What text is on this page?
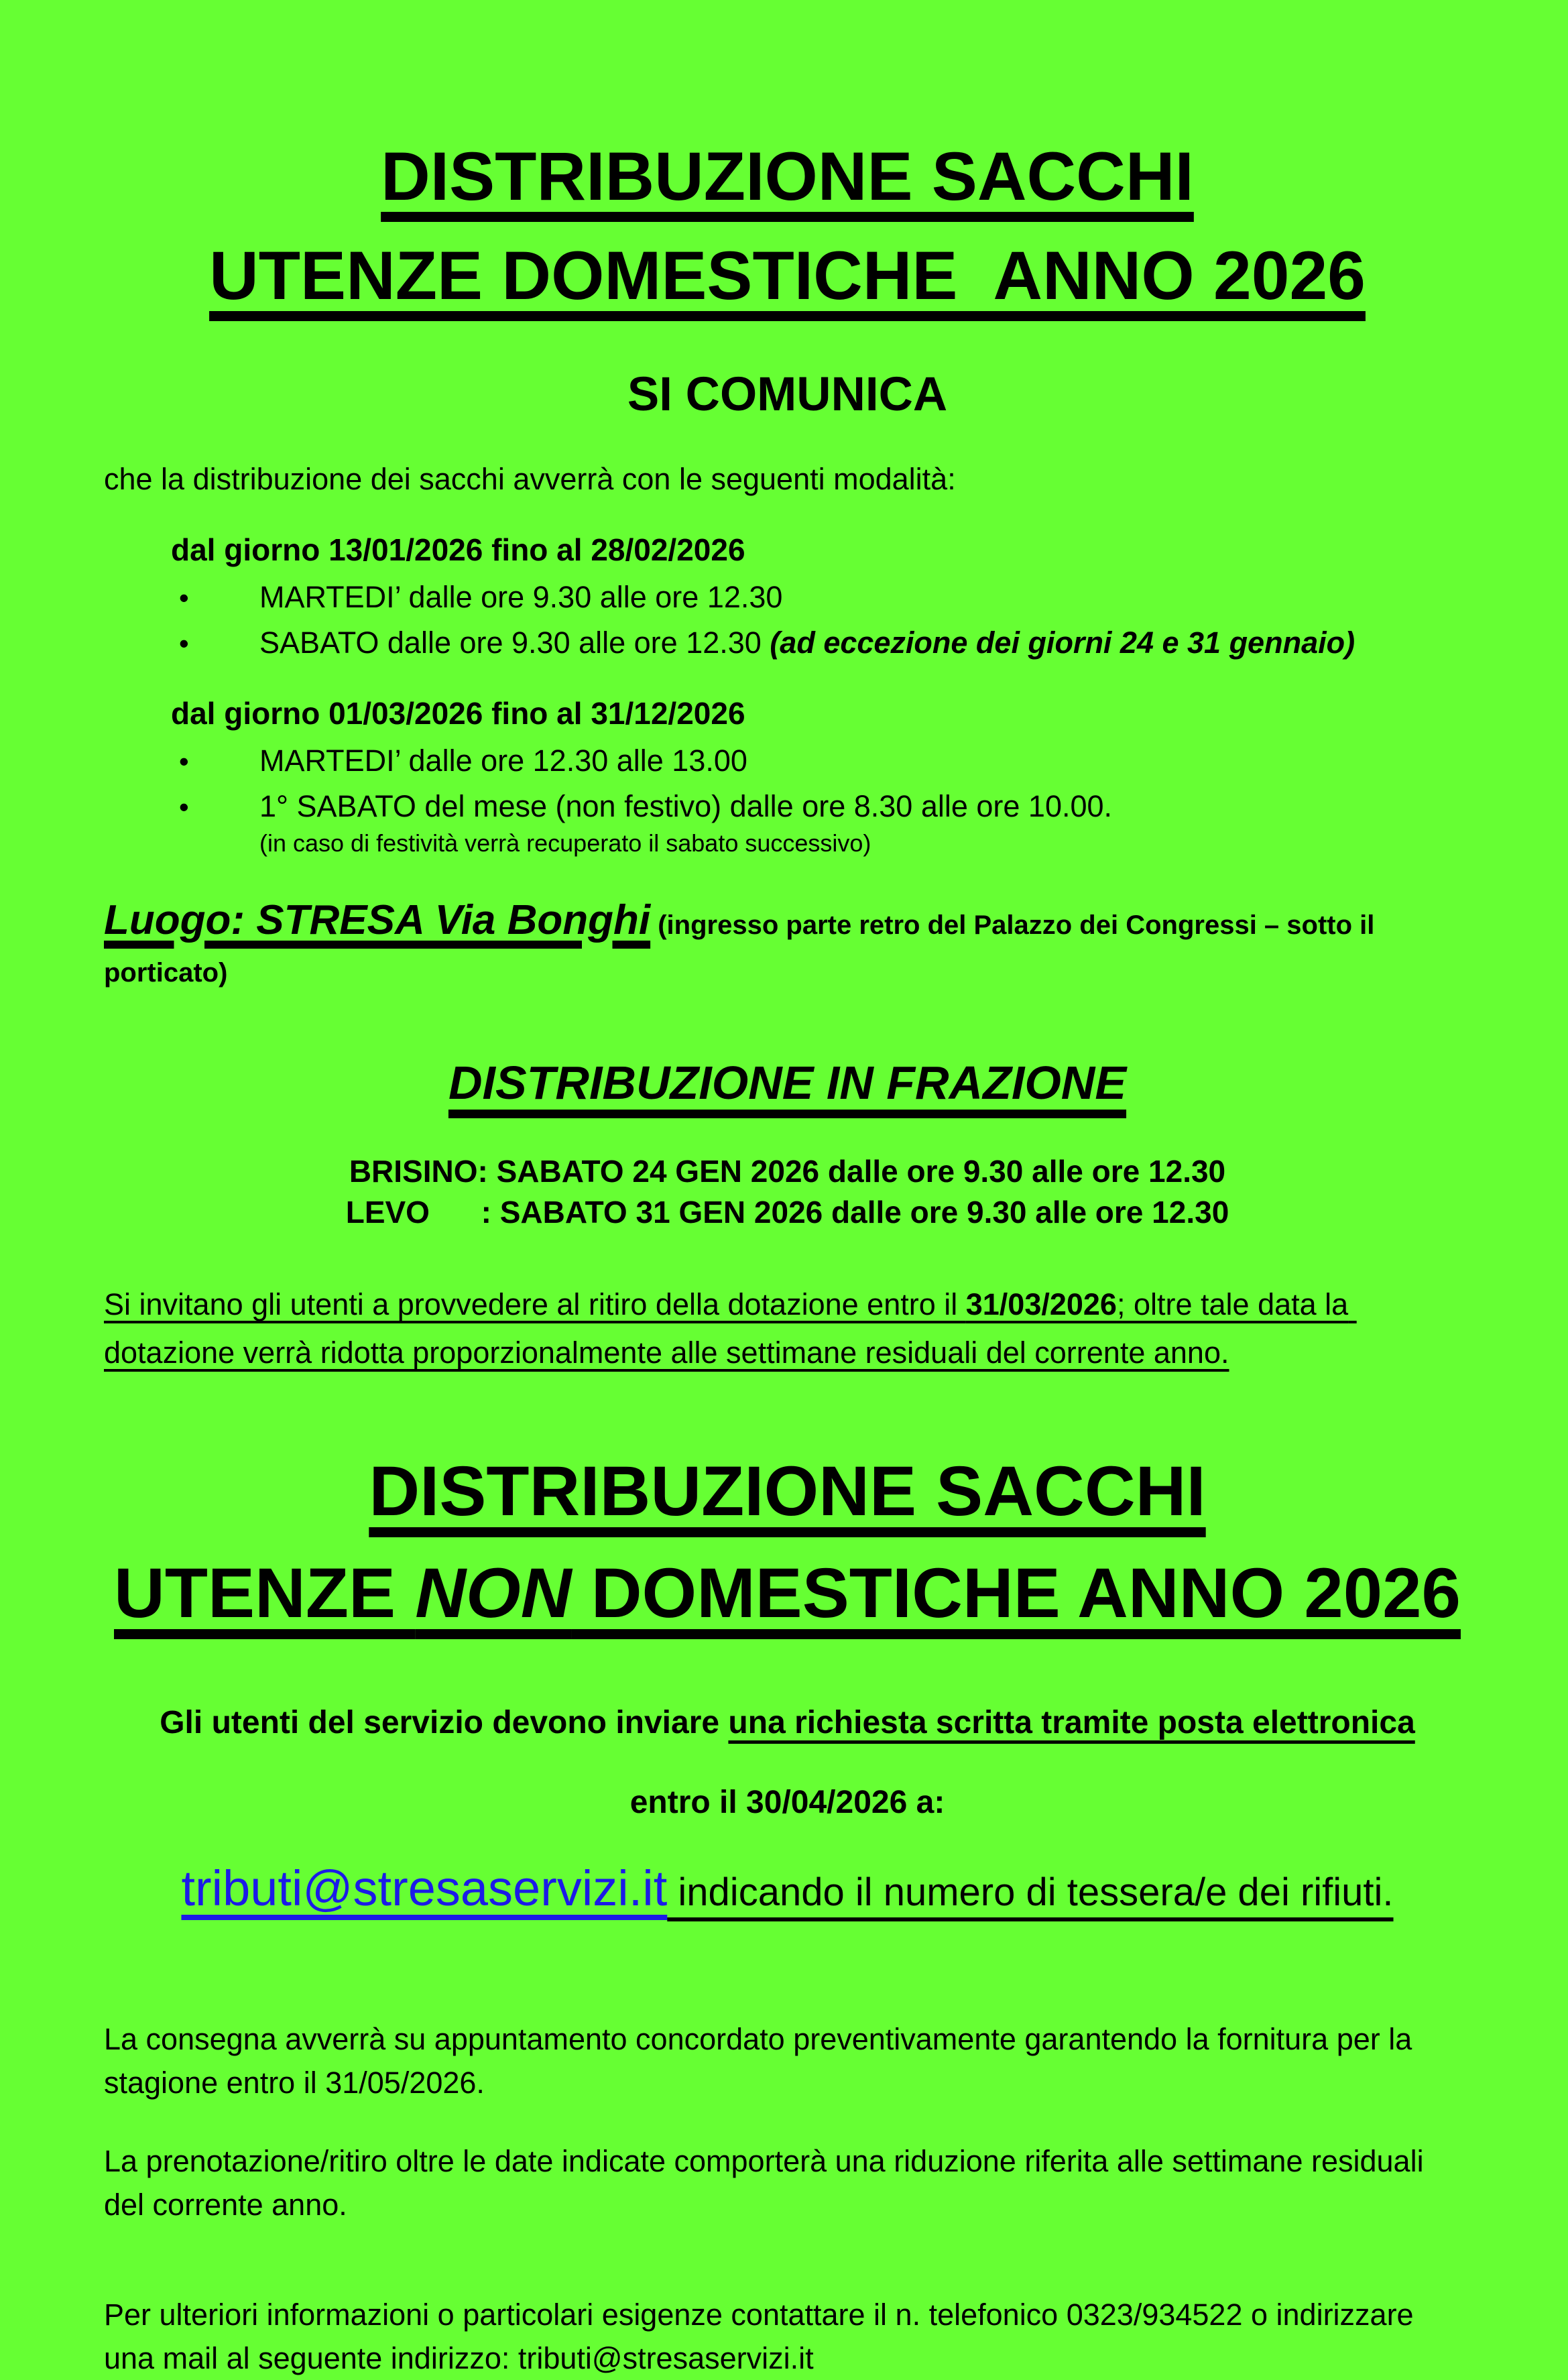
DISTRIBUZIONE SACCHI
UTENZE DOMESTICHE  ANNO 2026
SI COMUNICA

che la distribuzione dei sacchi avverrà con le seguenti modalità:

dal giorno 13/01/2026 fino al 28/02/2026
•	MARTEDI’ dalle ore 9.30 alle ore 12.30
•	SABATO dalle ore 9.30 alle ore 12.30 (ad eccezione dei giorni 24 e 31 gennaio)
dal giorno 01/03/2026 fino al 31/12/2026
•	MARTEDI’ dalle ore 12.30 alle 13.00
•	1° SABATO del mese (non festivo) dalle ore 8.30 alle ore 10.00.
(in caso di festività verrà recuperato il sabato successivo)
Luogo: STRESA Via Bonghi (ingresso parte retro del Palazzo dei Congressi – sotto il porticato)
DISTRIBUZIONE IN FRAZIONE
BRISINO: SABATO 24 GEN 2026 dalle ore 9.30 alle ore 12.30
LEVO      : SABATO 31 GEN 2026 dalle ore 9.30 alle ore 12.30

Si invitano gli utenti a provvedere al ritiro della dotazione entro il 31/03/2026; oltre tale data la dotazione verrà ridotta proporzionalmente alle settimane residuali del corrente anno.

DISTRIBUZIONE SACCHI
UTENZE NON DOMESTICHE ANNO 2026
Gli utenti del servizio devono inviare una richiesta scritta tramite posta elettronica
entro il 30/04/2026 a:
tributi@stresaservizi.it indicando il numero di tessera/e dei rifiuti.

La consegna avverrà su appuntamento concordato preventivamente garantendo la fornitura per la stagione entro il 31/05/2026.

La prenotazione/ritiro oltre le date indicate comporterà una riduzione riferita alle settimane residuali del corrente anno.

Per ulteriori informazioni o particolari esigenze contattare il n. telefonico 0323/934522 o indirizzare una mail al seguente indirizzo: tributi@stresaservizi.it
